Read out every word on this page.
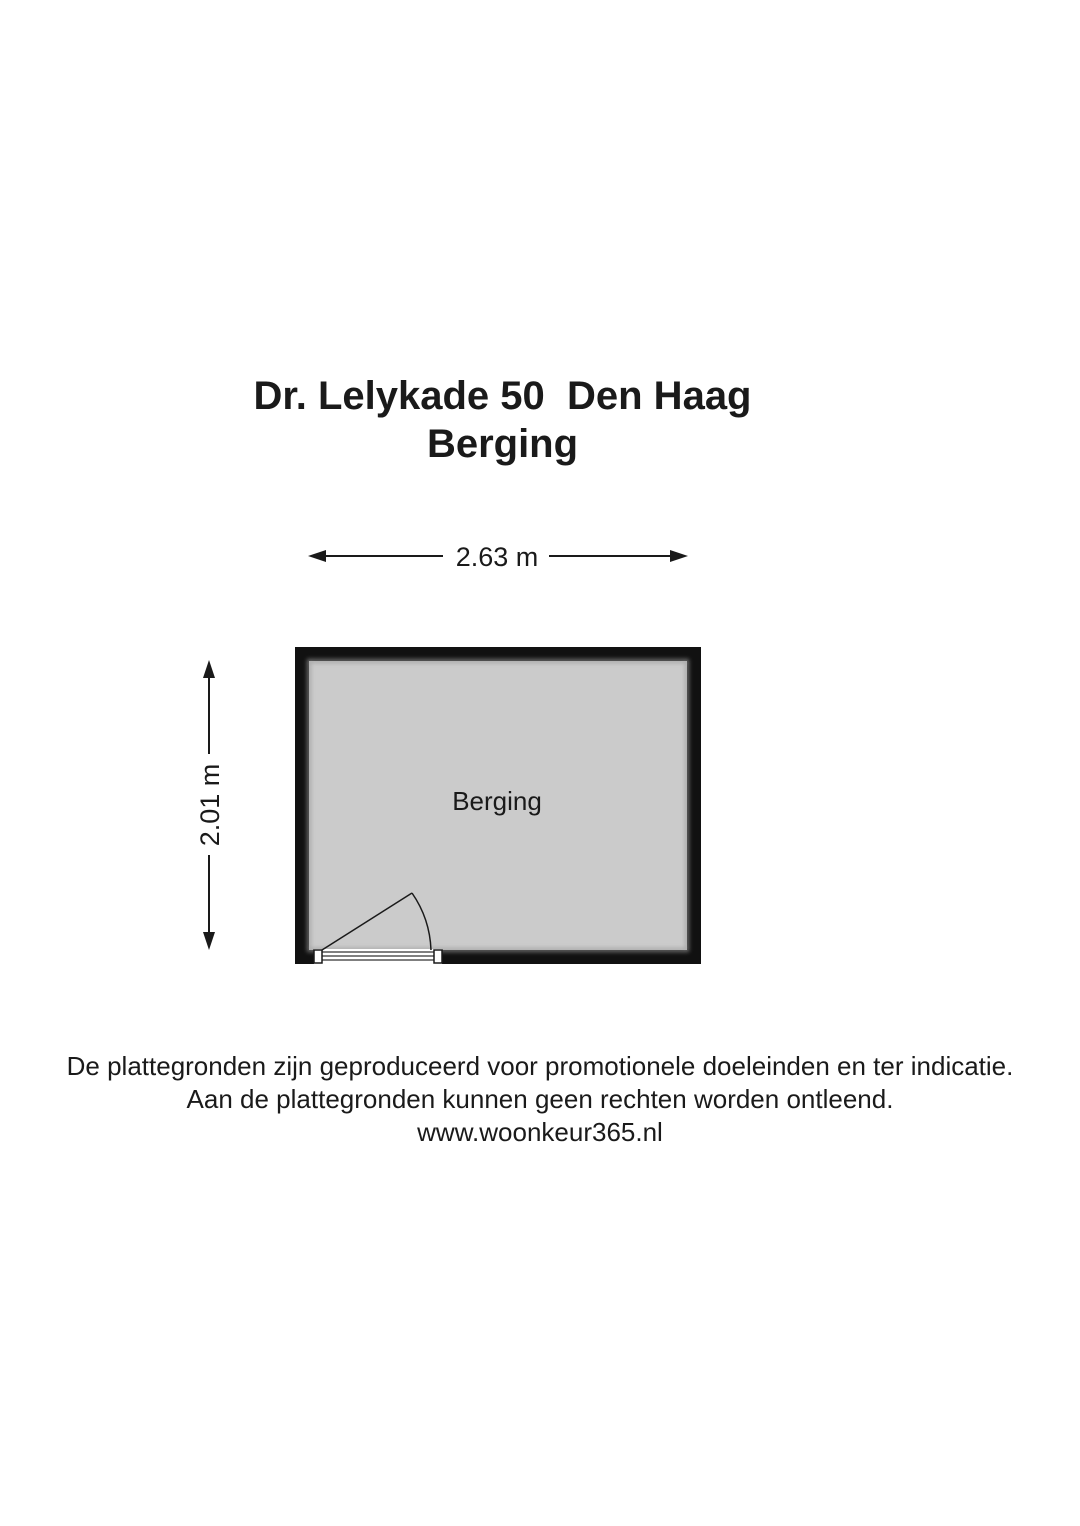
Dr. Lelykade 50  Den Haag
Berging
2.63 m
2.01 m	Berging
De plattegronden zijn geproduceerd voor promotionele doeleinden en ter indicatie.
Aan de plattegronden kunnen geen rechten worden ontleend.
www.woonkeur365.nl
